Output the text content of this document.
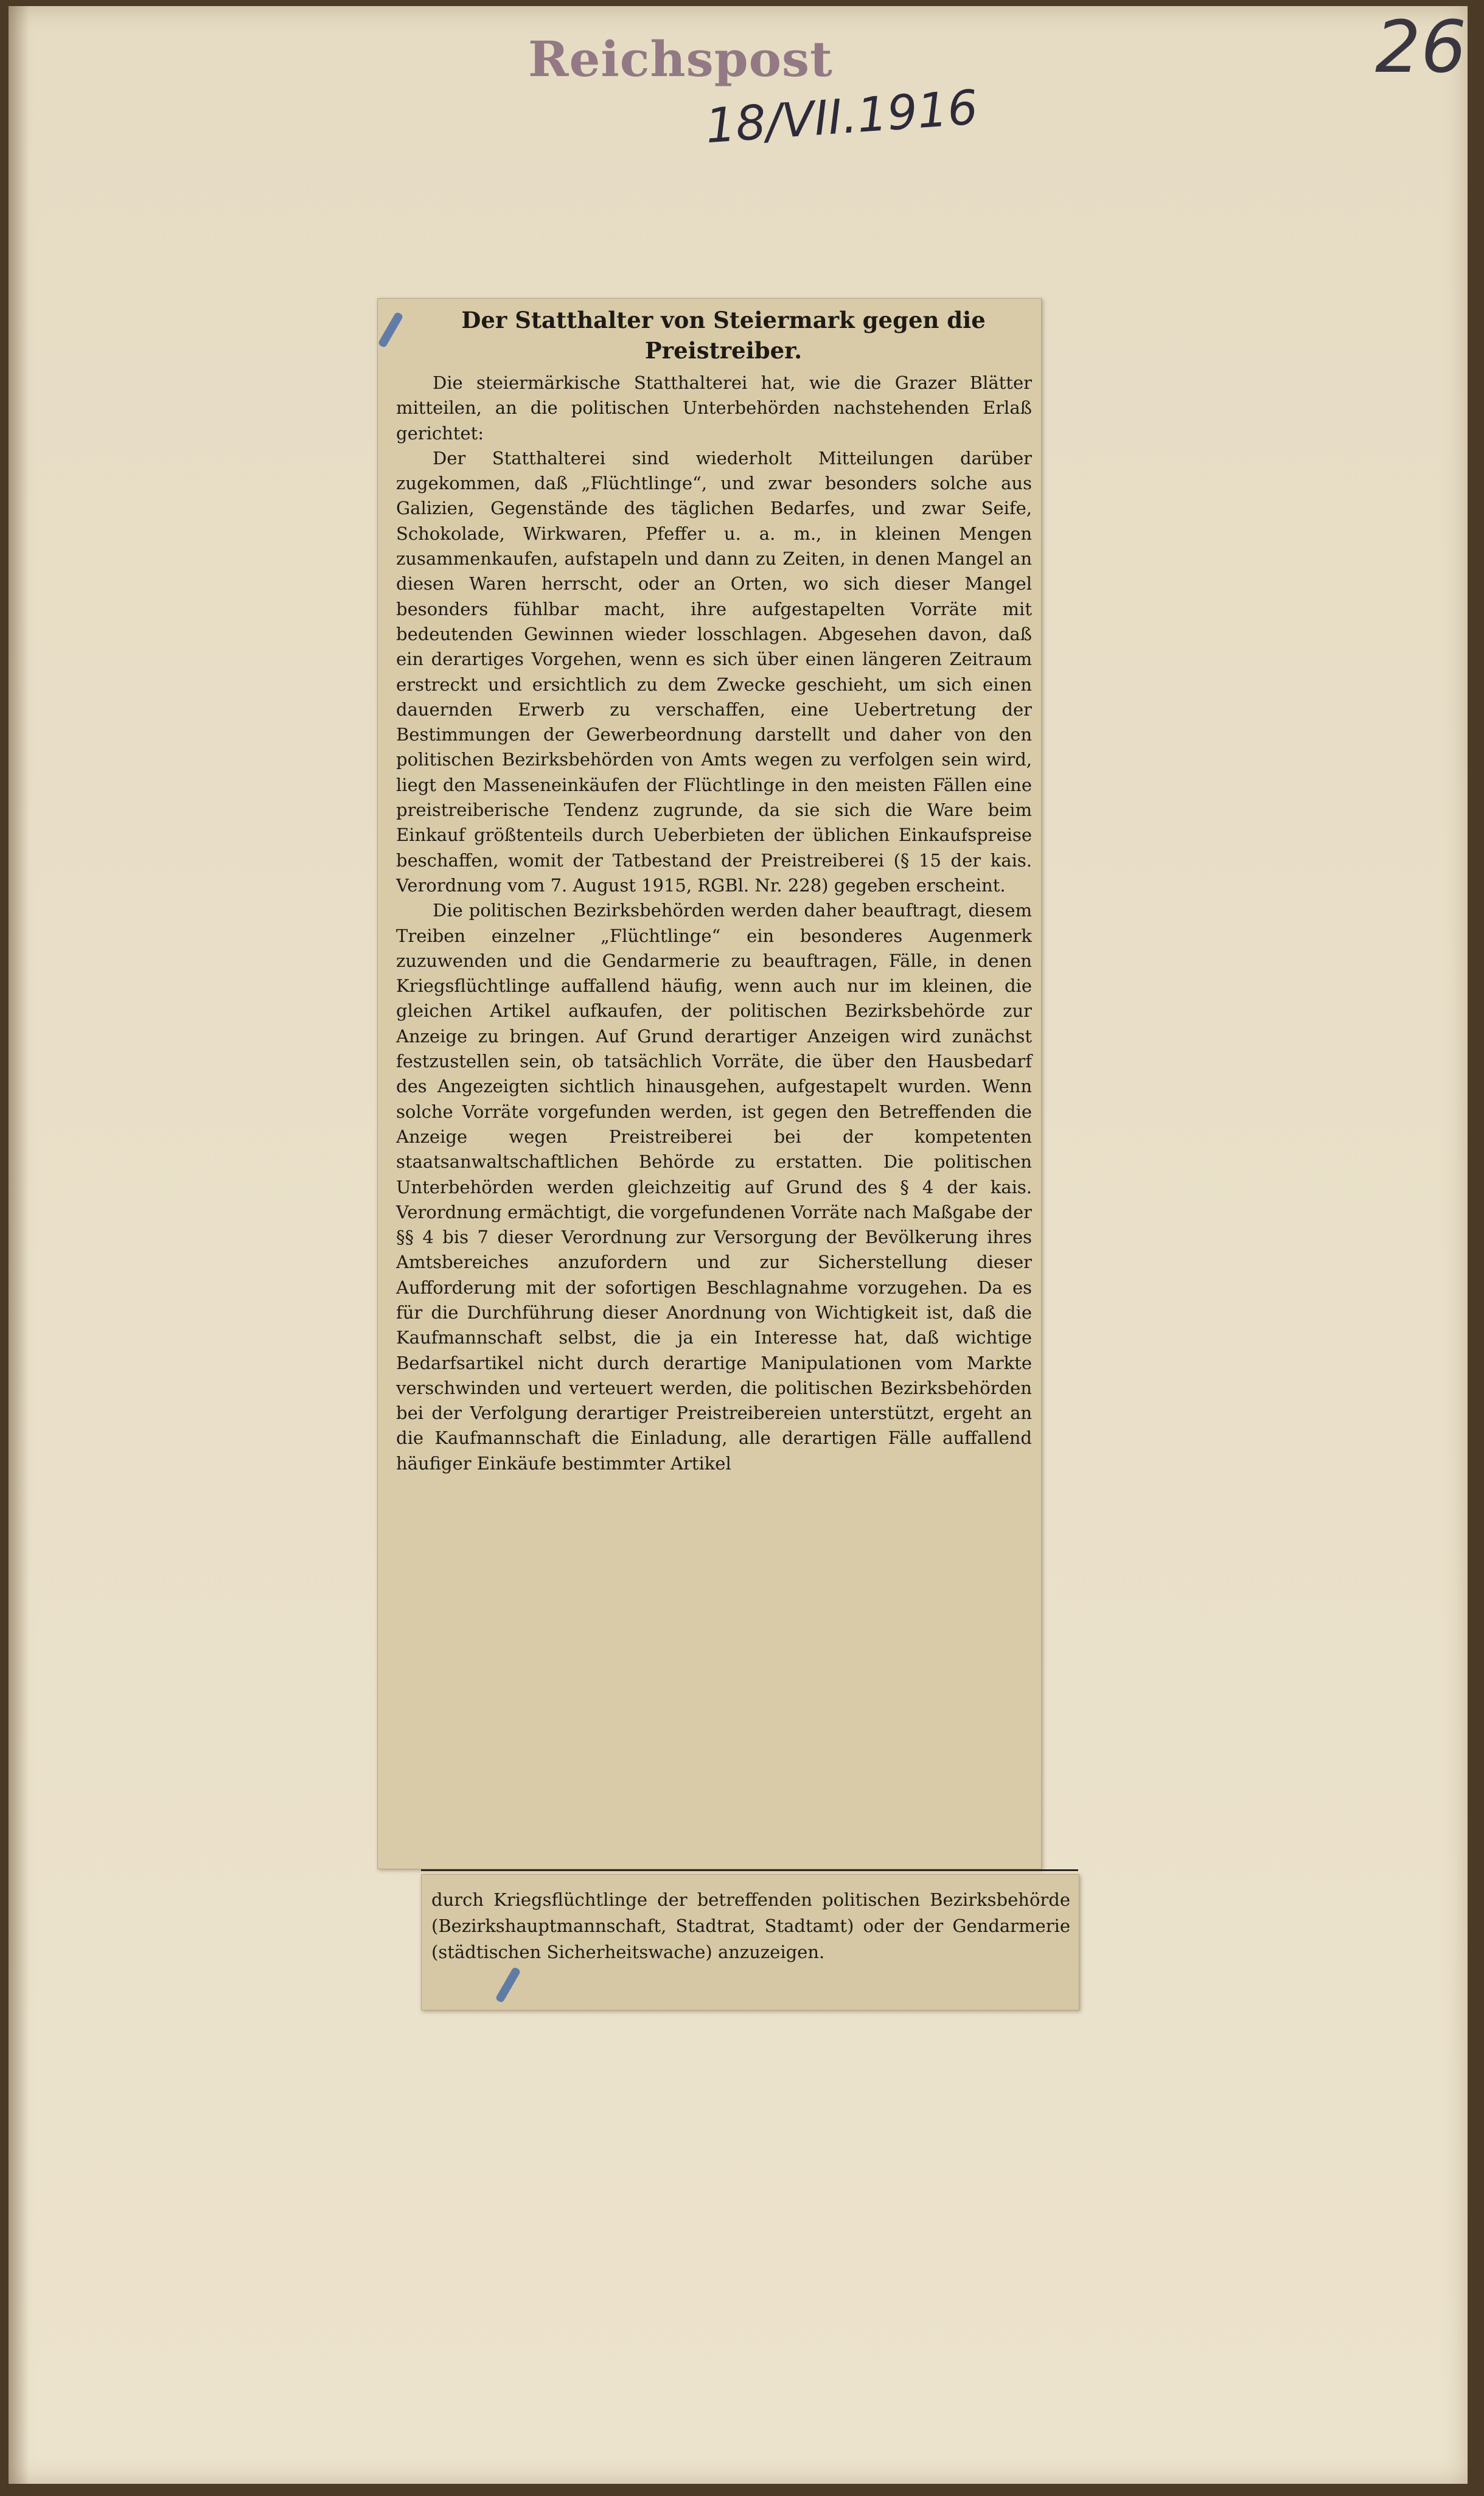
Reichspost
18/VII.1916
26
Der Statthalter von Steiermark gegen die Preistreiber.

Die steiermärkische Statthalterei hat, wie die Grazer Blätter mitteilen, an die politischen Unterbehörden nachstehenden Erlaß gerichtet:

Der Statthalterei sind wiederholt Mitteilungen darüber zugekommen, daß „Flüchtlinge“, und zwar besonders solche aus Galizien, Gegenstände des täglichen Bedarfes, und zwar Seife, Schokolade, Wirkwaren, Pfeffer u. a. m., in kleinen Mengen zusammenkaufen, aufstapeln und dann zu Zeiten, in denen Mangel an diesen Waren herrscht, oder an Orten, wo sich dieser Mangel besonders fühlbar macht, ihre aufgestapelten Vorräte mit bedeutenden Gewinnen wieder losschlagen. Abgesehen davon, daß ein derartiges Vorgehen, wenn es sich über einen längeren Zeitraum erstreckt und ersichtlich zu dem Zwecke geschieht, um sich einen dauernden Erwerb zu verschaffen, eine Uebertretung der Bestimmungen der Gewerbeordnung darstellt und daher von den politischen Bezirksbehörden von Amts wegen zu verfolgen sein wird, liegt den Masseneinkäufen der Flüchtlinge in den meisten Fällen eine preistreiberische Tendenz zugrunde, da sie sich die Ware beim Einkauf größtenteils durch Ueberbieten der üblichen Einkaufspreise beschaffen, womit der Tatbestand der Preistreiberei (§ 15 der kais. Verordnung vom 7. August 1915, RGBl. Nr. 228) gegeben erscheint.

Die politischen Bezirksbehörden werden daher beauftragt, diesem Treiben einzelner „Flüchtlinge“ ein besonderes Augenmerk zuzuwenden und die Gendarmerie zu beauftragen, Fälle, in denen Kriegsflüchtlinge auffallend häufig, wenn auch nur im kleinen, die gleichen Artikel aufkaufen, der politischen Bezirksbehörde zur Anzeige zu bringen. Auf Grund derartiger Anzeigen wird zunächst festzustellen sein, ob tatsächlich Vorräte, die über den Hausbedarf des Angezeigten sichtlich hinausgehen, aufgestapelt wurden. Wenn solche Vorräte vorgefunden werden, ist gegen den Betreffenden die Anzeige wegen Preistreiberei bei der kompetenten staatsanwaltschaftlichen Behörde zu erstatten. Die politischen Unterbehörden werden gleichzeitig auf Grund des § 4 der kais. Verordnung ermächtigt, die vorgefundenen Vorräte nach Maßgabe der §§ 4 bis 7 dieser Verordnung zur Versorgung der Bevölkerung ihres Amtsbereiches anzufordern und zur Sicherstellung dieser Aufforderung mit der sofortigen Beschlagnahme vorzugehen. Da es für die Durchführung dieser Anordnung von Wichtigkeit ist, daß die Kaufmannschaft selbst, die ja ein Interesse hat, daß wichtige Bedarfsartikel nicht durch derartige Manipulationen vom Markte verschwinden und verteuert werden, die politischen Bezirksbehörden bei der Verfolgung derartiger Preistreibereien unterstützt, ergeht an die Kaufmannschaft die Einladung, alle derartigen Fälle auffallend häufiger Einkäufe bestimmter Artikel

durch Kriegsflüchtlinge der betreffenden politischen Bezirksbehörde (Bezirkshauptmannschaft, Stadtrat, Stadtamt) oder der Gendarmerie (städtischen Sicherheitswache) anzuzeigen.
